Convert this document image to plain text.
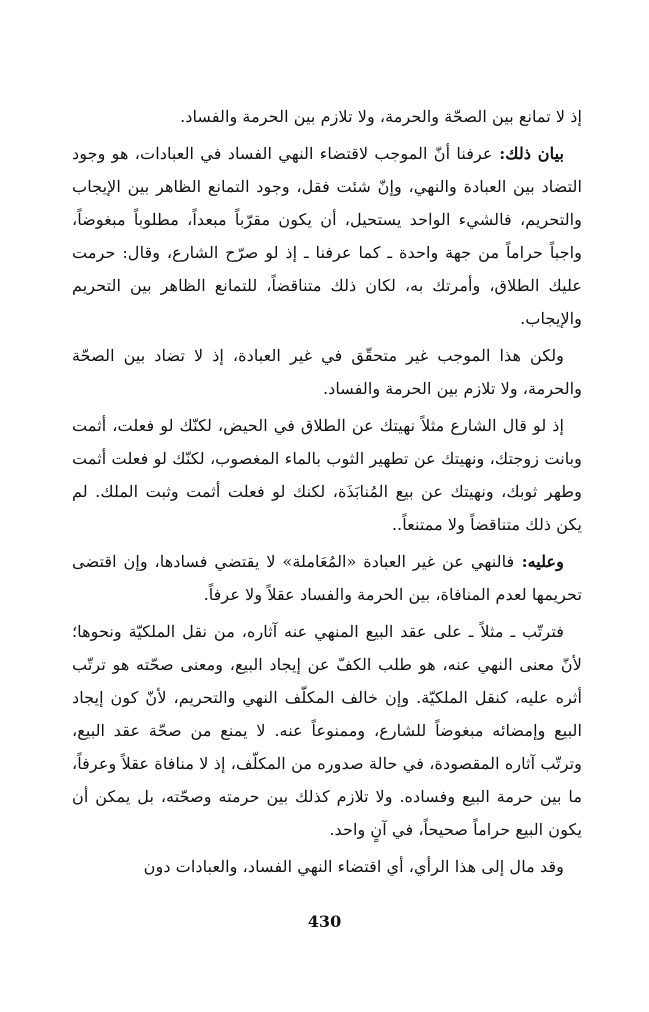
إذ لا تمانع بين الصحّة والحرمة، ولا تلازم بين الحرمة والفساد.

بيان ذلك: عرفنا أنّ الموجب لاقتضاء النهي الفساد في العبادات، هو وجود التضاد بين العبادة والنهي، وإنّ شئت فقل، وجود التمانع الظاهر بين الإيجاب والتحريم، فالشيء الواحد يستحيل، أن يكون مقرّباً مبعداً، مطلوباً مبغوضاً، واجباً حراماً من جهة واحدة ـ كما عرفنا ـ إذ لو صرّح الشارع، وقال: حرمت عليك الطلاق، وأمرتك به، لكان ذلك متناقضاً، للتمانع الظاهر بين التحريم والإيجاب.

ولكن هذا الموجب غير متحقّق في غير العبادة، إذ لا تضاد بين الصحّة والحرمة، ولا تلازم بين الحرمة والفساد.

إذ لو قال الشارع مثلاً نهيتك عن الطلاق في الحيض، لكنّك لو فعلت، أثمت وبانت زوجتك، ونهيتك عن تطهير الثوب بالماء المغصوب، لكنّك لو فعلت أثمت وطهر ثوبك، ونهيتك عن بيع المُنابَذَة، لكنك لو فعلت أثمت وثبت الملك. لم يكن ذلك متناقضاً ولا ممتنعاً..

وعليه: فالنهي عن غير العبادة «المُعَاملة» لا يقتضي فسادها، وإن اقتضى تحريمها لعدم المنافاة، بين الحرمة والفساد عقلاً ولا عرفاً.

فترتّب ـ مثلاً ـ على عقد البيع المنهي عنه آثاره، من نقل الملكيّة ونحوها؛ لأنّ معنى النهي عنه، هو طلب الكفّ عن إيجاد البيع، ومعنى صحّته هو ترتّب أثره عليه، كنقل الملكيّة. وإن خالف المكلّف النهي والتحريم، لأنّ كون إيجاد البيع وإمضائه مبغوضاً للشارع، وممنوعاً عنه. لا يمنع من صحّة عقد البيع، وترتّب آثاره المقصودة، في حالة صدوره من المكلّف، إذ لا منافاة عقلاً وعرفاً، ما بين حرمة البيع وفساده. ولا تلازم كذلك بين حرمته وصحّته، بل يمكن أن يكون البيع حراماً صحيحاً، في آنٍ واحد.

وقد مال إلى هذا الرأي، أي اقتضاء النهي الفساد، والعبادات دون

430
